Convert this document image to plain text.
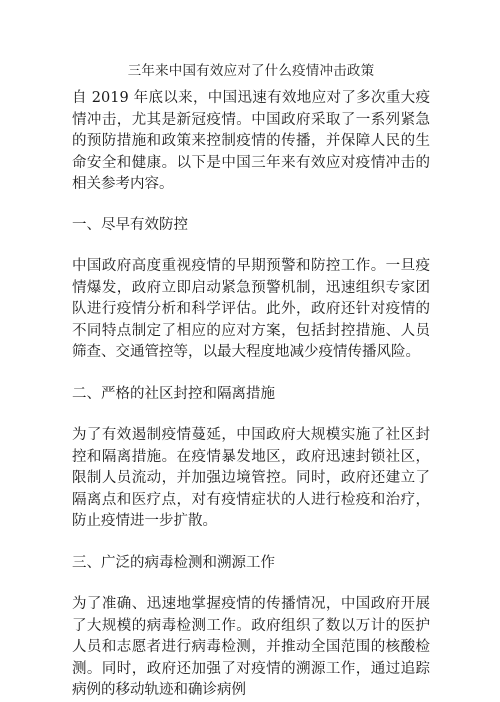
三年来中国有效应对了什么疫情冲击政策

自 2019 年底以来，中国迅速有效地应对了多次重大疫情冲击，尤其是新冠疫情。中国政府采取了一系列紧急的预防措施和政策来控制疫情的传播，并保障人民的生命安全和健康。以下是中国三年来有效应对疫情冲击的相关参考内容。

一、尽早有效防控

中国政府高度重视疫情的早期预警和防控工作。一旦疫情爆发，政府立即启动紧急预警机制，迅速组织专家团队进行疫情分析和科学评估。此外，政府还针对疫情的不同特点制定了相应的应对方案，包括封控措施、人员筛查、交通管控等，以最大程度地减少疫情传播风险。

二、严格的社区封控和隔离措施

为了有效遏制疫情蔓延，中国政府大规模实施了社区封控和隔离措施。在疫情暴发地区，政府迅速封锁社区，限制人员流动，并加强边境管控。同时，政府还建立了隔离点和医疗点，对有疫情症状的人进行检疫和治疗，防止疫情进一步扩散。

三、广泛的病毒检测和溯源工作

为了准确、迅速地掌握疫情的传播情况，中国政府开展了大规模的病毒检测工作。政府组织了数以万计的医护人员和志愿者进行病毒检测，并推动全国范围的核酸检测。同时，政府还加强了对疫情的溯源工作，通过追踪病例的移动轨迹和确诊病例
